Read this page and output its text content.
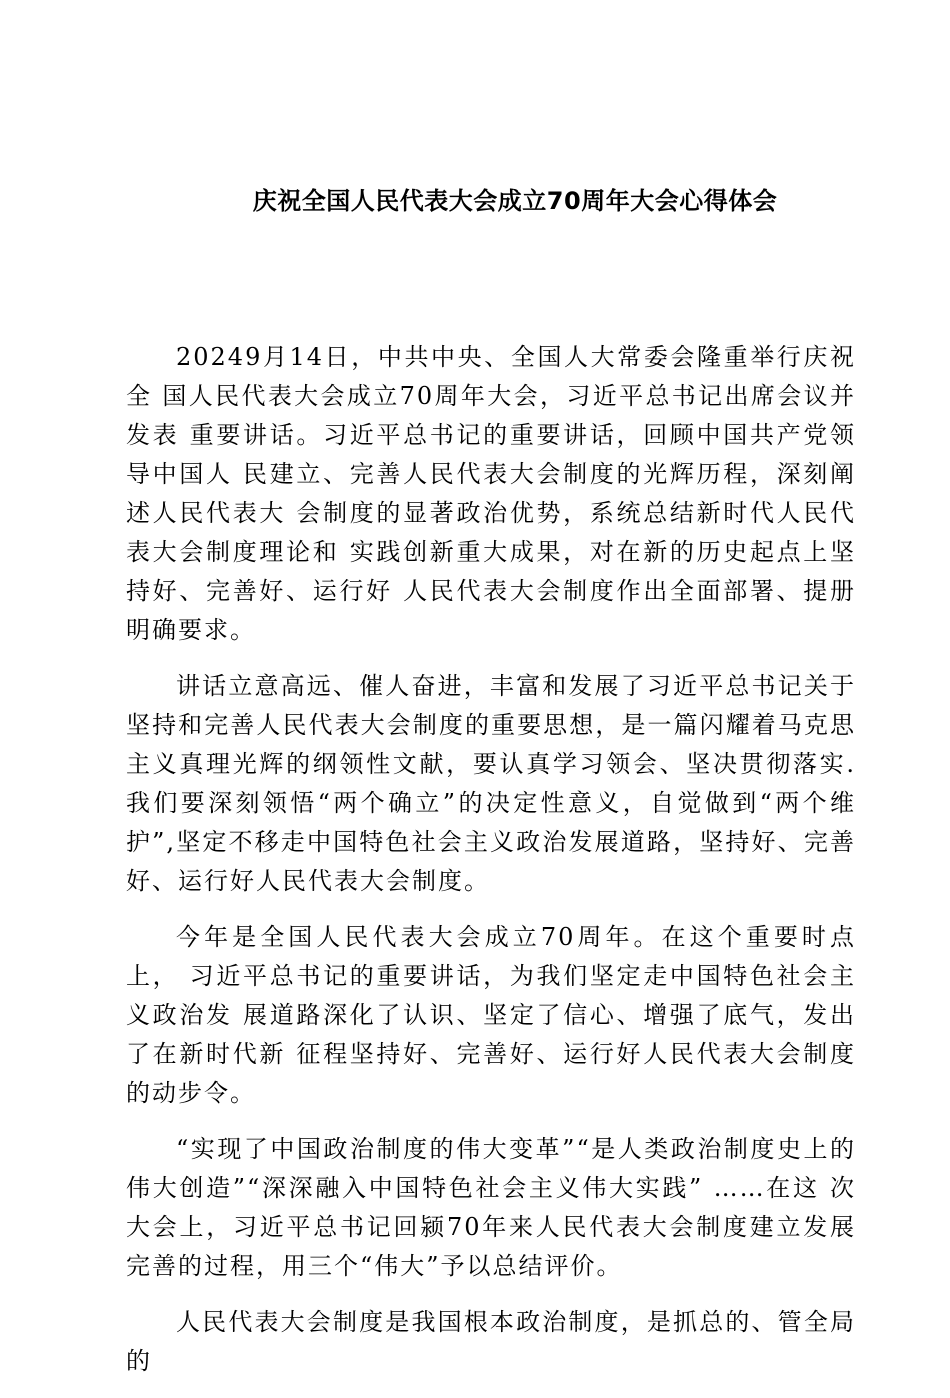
庆祝全国人民代表大会成立70周年大会心得体会

20249月14日，中共中央、全国人大常委会隆重举行庆祝全 国人民代表大会成立70周年大会，习近平总书记出席会议并发表 重要讲话。习近平总书记的重要讲话，回顾中国共产党领导中国人 民建立、完善人民代表大会制度的光辉历程，深刻阐述人民代表大 会制度的显著政治优势，系统总结新时代人民代表大会制度理论和 实践创新重大成果，对在新的历史起点上坚持好、完善好、运行好 人民代表大会制度作出全面部署、提册明确要求。

讲话立意高远、催人奋进，丰富和发展了习近平总书记关于坚持和完善人民代表大会制度的重要思想，是一篇闪耀着马克思主义真理光辉的纲领性文献，要认真学习领会、坚决贯彻落实.我们要深刻领悟“两个确立”的决定性意义，自觉做到“两个维护”,坚定不移走中国特色社会主义政治发展道路，坚持好、完善好、运行好人民代表大会制度。

今年是全国人民代表大会成立70周年。在这个重要时点上， 习近平总书记的重要讲话，为我们坚定走中国特色社会主义政治发 展道路深化了认识、坚定了信心、增强了底气，发出了在新时代新 征程坚持好、完善好、运行好人民代表大会制度的动步令。

“实现了中国政治制度的伟大变革”“是人类政治制度史上的伟大创造”“深深融入中国特色社会主义伟大实践” ……在这 次大会上，习近平总书记回颍70年来人民代表大会制度建立发展 完善的过程，用三个“伟大”予以总结评价。

人民代表大会制度是我国根本政治制度，是抓总的、管全局的
